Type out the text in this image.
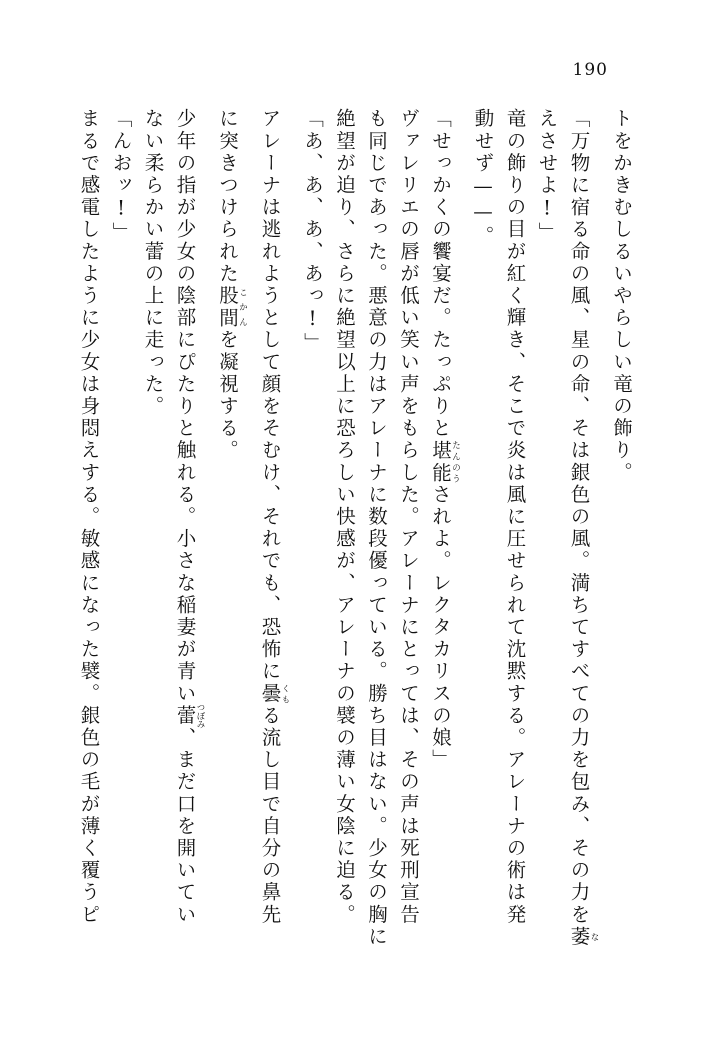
190
トをかきむしるいやらしい竜の飾り。
「万物に宿る命の風、星の命、そは銀色の風。満ちてすべての力を包み、その力を萎な
えさせよ!」
竜の飾りの目が紅く輝き、そこで炎は風に圧せられて沈黙する。アレーナの術は発
動せず——。
「せっかくの饗宴だ。たっぷりと堪能たんのうされよ。レクタカリスの娘」
ヴァレリエの唇が低い笑い声をもらした。アレーナにとっては、その声は死刑宣告
も同じであった。悪意の力はアレーナに数段優っている。勝ち目はない。少女の胸に
絶望が迫り、さらに絶望以上に恐ろしい快感が、アレーナの襞の薄い女陰に迫る。
「あ、あ、あ、あっ!」
アレーナは逃れようとして顔をそむけ、それでも、恐怖に曇くもる流し目で自分の鼻先
に突きつけられた股間こかんを凝視する。
少年の指が少女の陰部にぴたりと触れる。小さな稲妻が青い蕾つぼみ、まだ口を開いてい
ない柔らかい蕾の上に走った。
「んおッ!」
まるで感電したように少女は身悶えする。敏感になった襞。銀色の毛が薄く覆うピ
